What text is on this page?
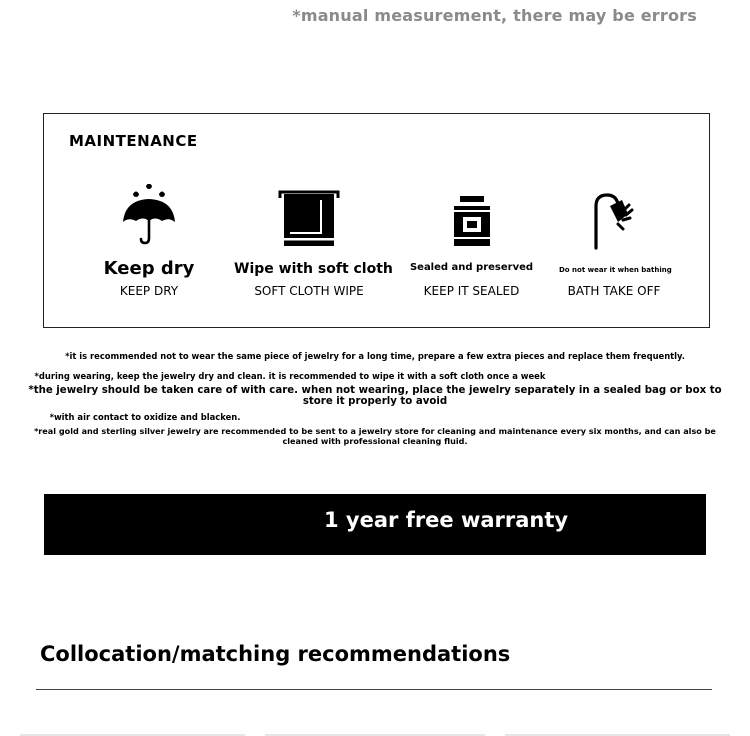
*manual measurement, there may be errors
MAINTENANCE
Keep dry
KEEP DRY
Wipe with soft cloth
SOFT CLOTH WIPE
Sealed and preserved
KEEP IT SEALED
Do not wear it when bathing
BATH TAKE OFF
*it is recommended not to wear the same piece of jewelry for a long time, prepare a few extra pieces and replace them frequently.
*during wearing, keep the jewelry dry and clean. it is recommended to wipe it with a soft cloth once a week
*the jewelry should be taken care of with care. when not wearing, place the jewelry separately in a sealed bag or box to
store it properly to avoid
*with air contact to oxidize and blacken.
*real gold and sterling silver jewelry are recommended to be sent to a jewelry store for cleaning and maintenance every six months, and can also be
cleaned with professional cleaning fluid.
1 year free warranty
Collocation/matching recommendations
